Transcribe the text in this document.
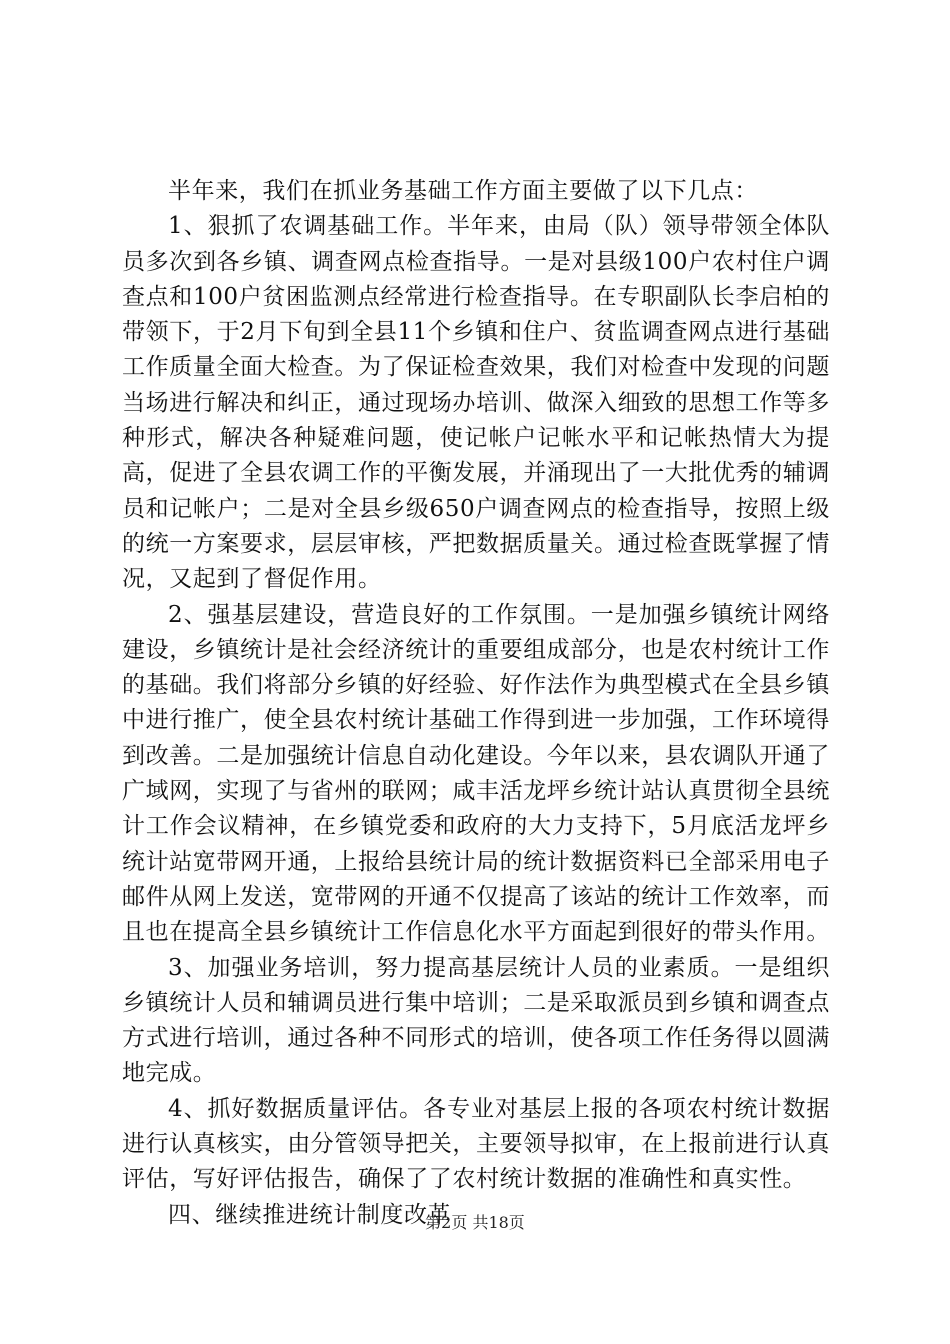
半年来，我们在抓业务基础工作方面主要做了以下几点：

1、狠抓了农调基础工作。半年来，由局（队）领导带领全体队员多次到各乡镇、调查网点检查指导。一是对县级100户农村住户调查点和100户贫困监测点经常进行检查指导。在专职副队长李启柏的带领下，于2月下旬到全县11个乡镇和住户、贫监调查网点进行基础工作质量全面大检查。为了保证检查效果，我们对检查中发现的问题当场进行解决和纠正，通过现场办培训、做深入细致的思想工作等多种形式，解决各种疑难问题，使记帐户记帐水平和记帐热情大为提高，促进了全县农调工作的平衡发展，并涌现出了一大批优秀的辅调员和记帐户；二是对全县乡级650户调查网点的检查指导，按照上级的统一方案要求，层层审核，严把数据质量关。通过检查既掌握了情况，又起到了督促作用。

2、强基层建设，营造良好的工作氛围。一是加强乡镇统计网络建设，乡镇统计是社会经济统计的重要组成部分，也是农村统计工作的基础。我们将部分乡镇的好经验、好作法作为典型模式在全县乡镇中进行推广，使全县农村统计基础工作得到进一步加强，工作环境得到改善。二是加强统计信息自动化建设。今年以来，县农调队开通了广域网，实现了与省州的联网；咸丰活龙坪乡统计站认真贯彻全县统计工作会议精神，在乡镇党委和政府的大力支持下，5月底活龙坪乡统计站宽带网开通，上报给县统计局的统计数据资料已全部采用电子邮件从网上发送，宽带网的开通不仅提高了该站的统计工作效率，而且也在提高全县乡镇统计工作信息化水平方面起到很好的带头作用。

3、加强业务培训，努力提高基层统计人员的业素质。一是组织乡镇统计人员和辅调员进行集中培训；二是采取派员到乡镇和调查点方式进行培训，通过各种不同形式的培训，使各项工作任务得以圆满地完成。

4、抓好数据质量评估。各专业对基层上报的各项农村统计数据进行认真核实，由分管领导把关，主要领导拟审，在上报前进行认真评估，写好评估报告，确保了了农村统计数据的准确性和真实性。

四、继续推进统计制度改革

第2页 共18页
